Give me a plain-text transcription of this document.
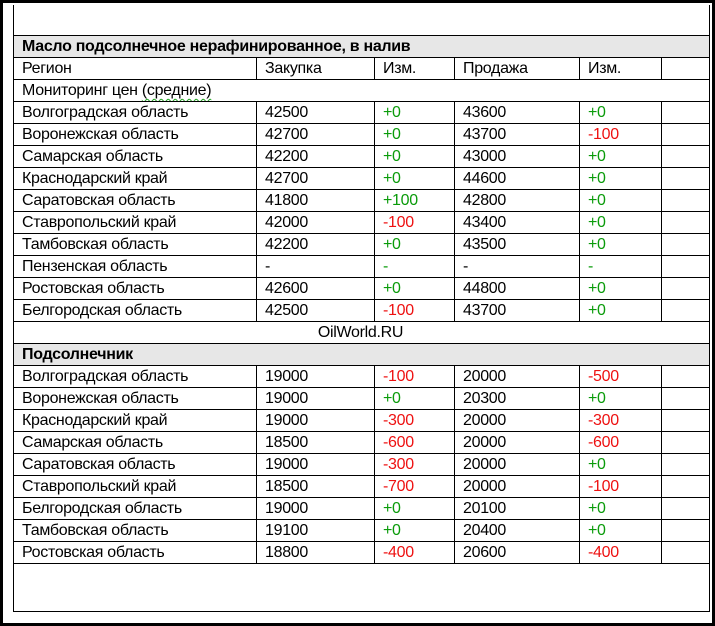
Масло подсолнечное нерафинированное, в налив					
Регион	Закупка	Изм.	Продажа	Изм.	
Мониторинг цен (средние)					
Волгоградская область	42500	+0	43600	+0	
Воронежская область	42700	+0	43700	-100	
Самарская область	42200	+0	43000	+0	
Краснодарский край	42700	+0	44600	+0	
Саратовская область	41800	+100	42800	+0	
Ставропольский край	42000	-100	43400	+0	
Тамбовская область	42200	+0	43500	+0	
Пензенская область	-	-	-	-	
Ростовская область	42600	+0	44800	+0	
Белгородская область	42500	-100	43700	+0	
OilWorld.RU					
Подсолнечник					
Волгоградская область	19000	-100	20000	-500	
Воронежская область	19000	+0	20300	+0	
Краснодарский край	19000	-300	20000	-300	
Самарская область	18500	-600	20000	-600	
Саратовская область	19000	-300	20000	+0	
Ставропольский край	18500	-700	20000	-100	
Белгородская область	19000	+0	20100	+0	
Тамбовская область	19100	+0	20400	+0	
Ростовская область	18800	-400	20600	-400	
